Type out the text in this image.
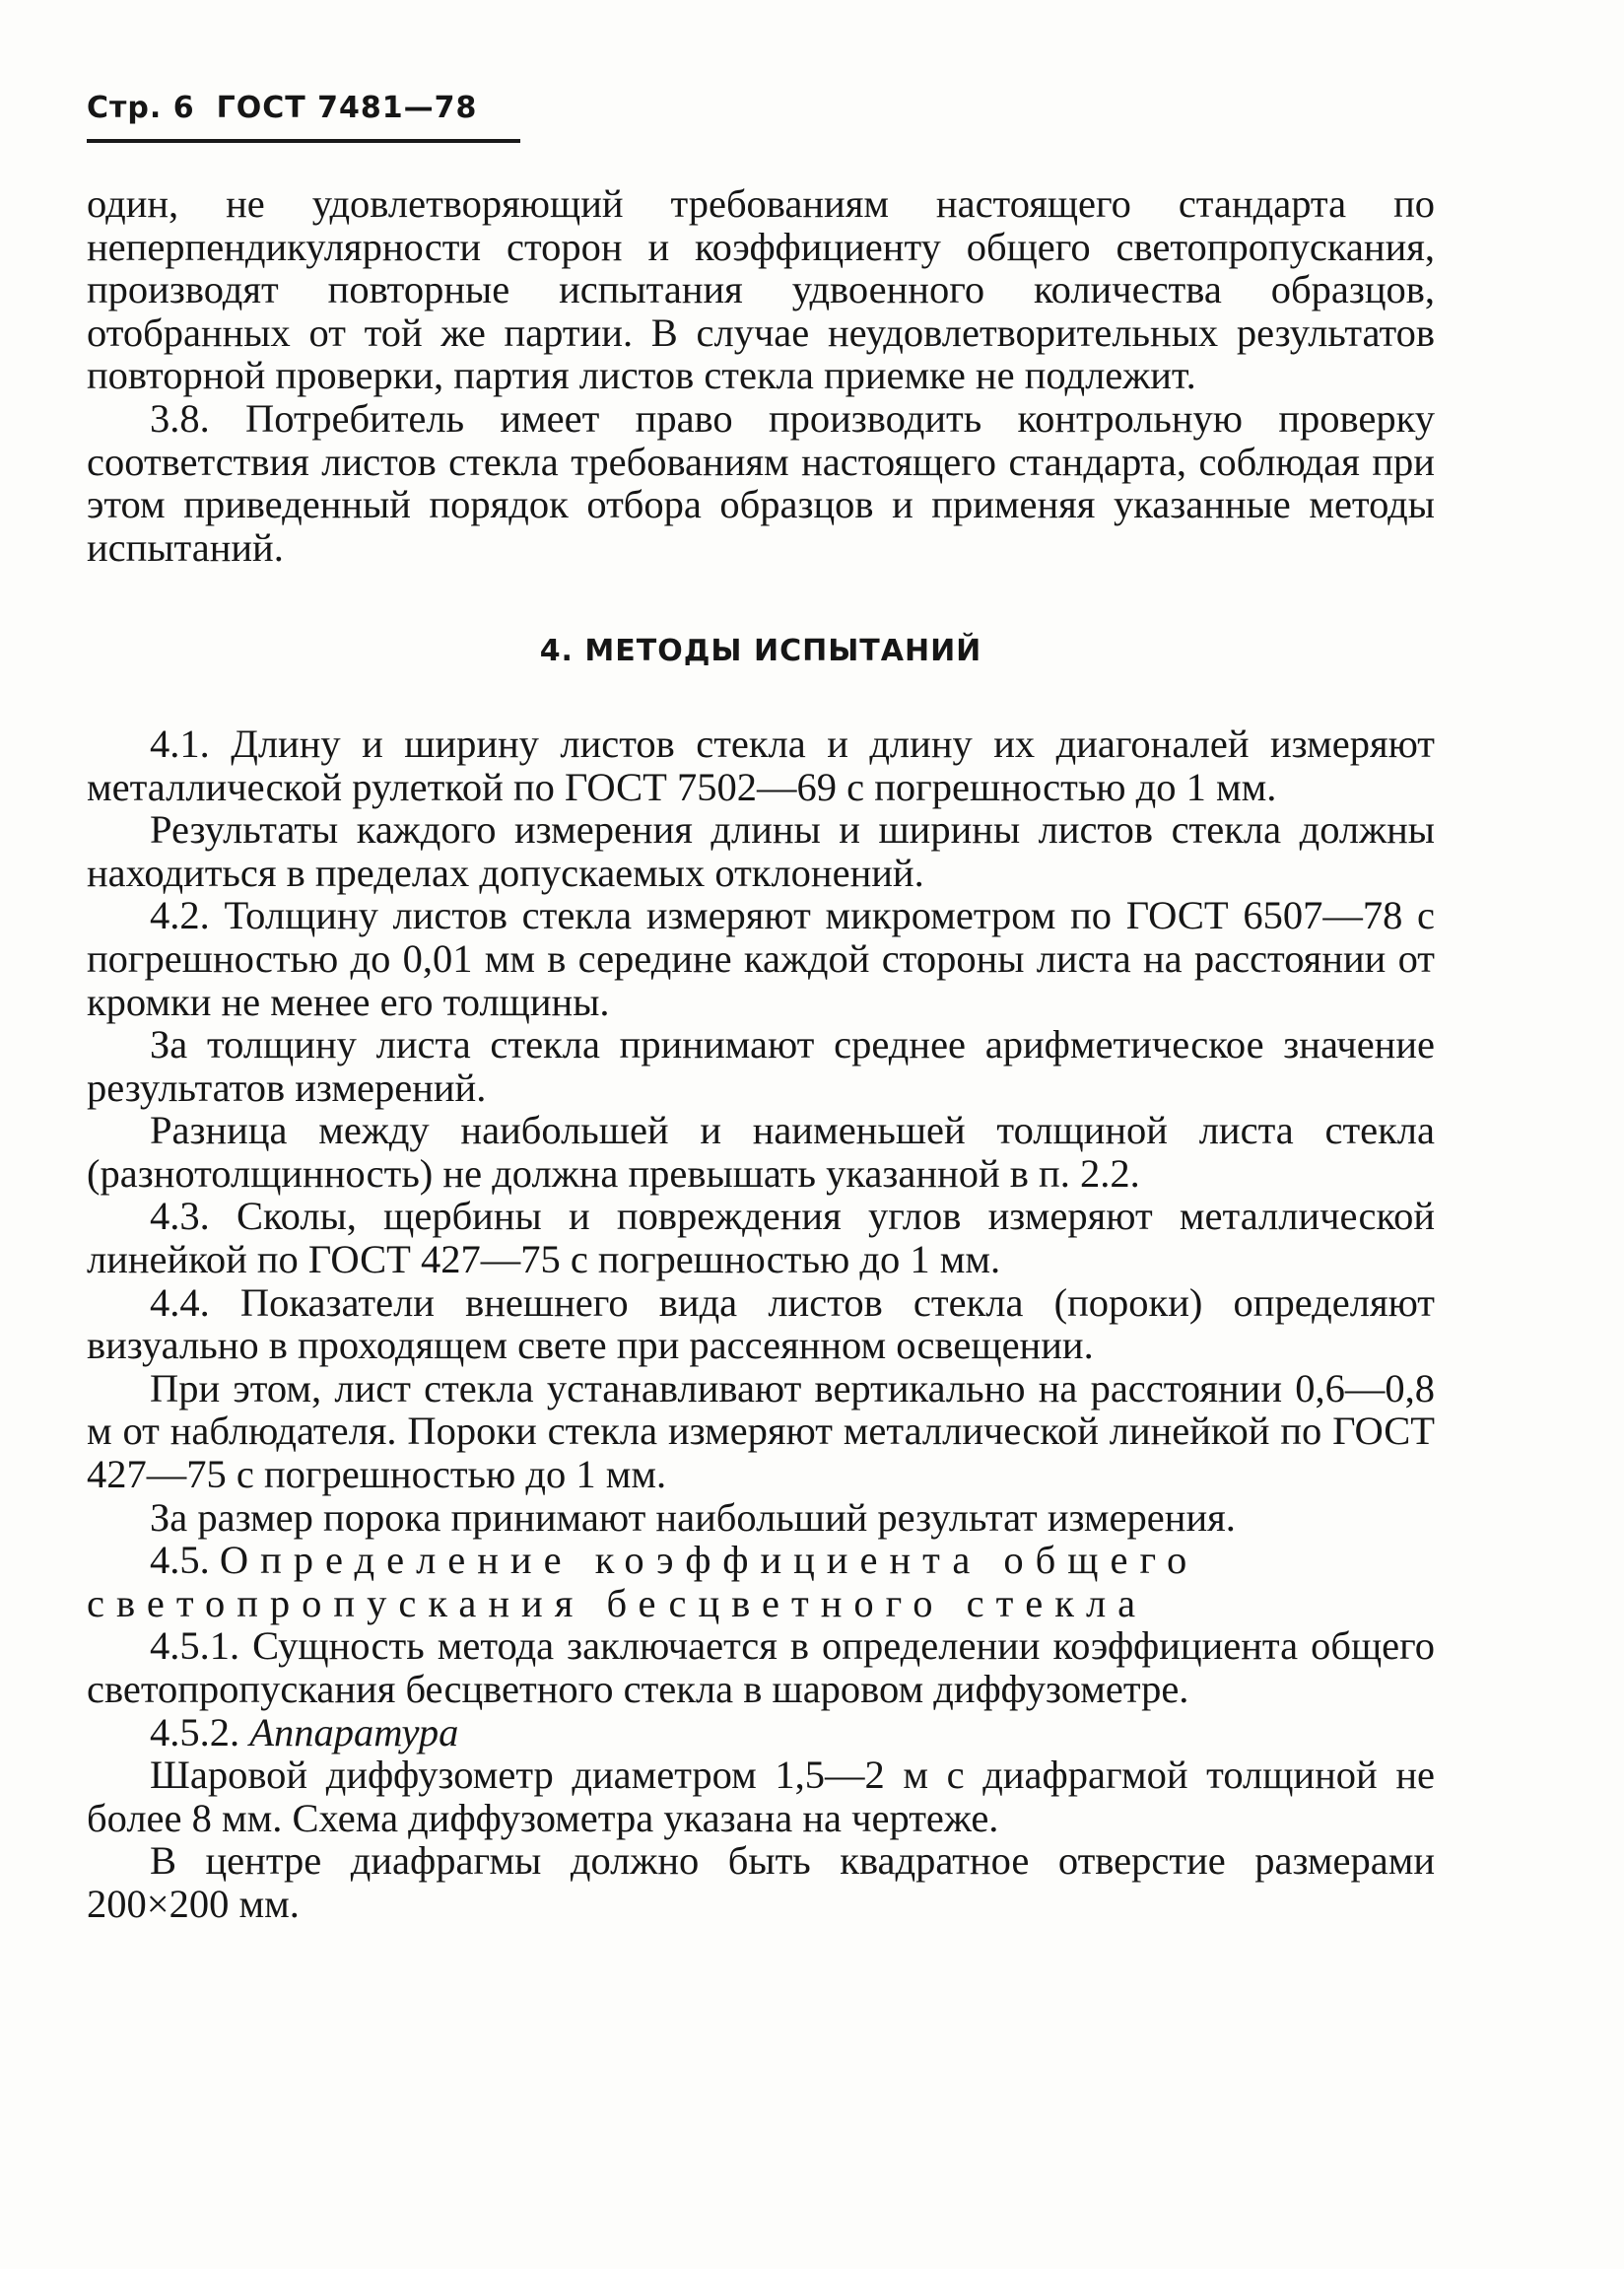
Стр. 6 ГОСТ 7481—78

один, не удовлетворяющий требованиям настоящего стандарта по неперпендикулярности сторон и коэффициенту общего светопропускания, производят повторные испытания удвоенного количества образцов, отобранных от той же партии. В случае неудовлетворительных результатов повторной проверки, партия листов стекла приемке не подлежит.

3.8. Потребитель имеет право производить контрольную проверку соответствия листов стекла требованиям настоящего стандарта, соблюдая при этом приведенный порядок отбора образцов и применяя указанные методы испытаний.

4. МЕТОДЫ ИСПЫТАНИЙ

4.1. Длину и ширину листов стекла и длину их диагоналей измеряют металлической рулеткой по ГОСТ 7502—69 с погрешностью до 1 мм.

Результаты каждого измерения длины и ширины листов стекла должны находиться в пределах допускаемых отклонений.

4.2. Толщину листов стекла измеряют микрометром по ГОСТ 6507—78 с погрешностью до 0,01 мм в середине каждой стороны листа на расстоянии от кромки не менее его толщины.

За толщину листа стекла принимают среднее арифметическое значение результатов измерений.

Разница между наибольшей и наименьшей толщиной листа стекла (разнотолщинность) не должна превышать указанной в п. 2.2.

4.3. Сколы, щербины и повреждения углов измеряют металлической линейкой по ГОСТ 427—75 с погрешностью до 1 мм.

4.4. Показатели внешнего вида листов стекла (пороки) определяют визуально в проходящем свете при рассеянном освещении.

При этом, лист стекла устанавливают вертикально на расстоянии 0,6—0,8 м от наблюдателя. Пороки стекла измеряют металлической линейкой по ГОСТ 427—75 с погрешностью до 1 мм.

За размер порока принимают наибольший результат измерения.

4.5. Определение коэффициента общего светопропускания бесцветного стекла

4.5.1. Сущность метода заключается в определении коэффициента общего светопропускания бесцветного стекла в шаровом диффузометре.

4.5.2. Аппаратура

Шаровой диффузометр диаметром 1,5—2 м с диафрагмой толщиной не более 8 мм. Схема диффузометра указана на чертеже.

В центре диафрагмы должно быть квадратное отверстие размерами 200×200 мм.
